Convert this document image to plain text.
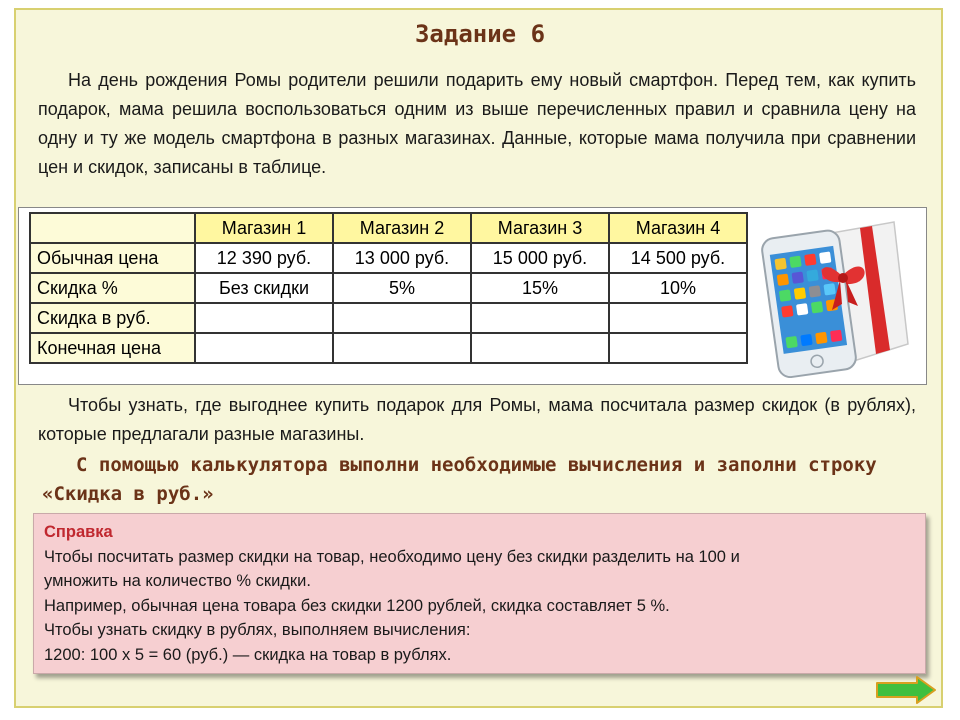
Задание 6
На день рождения Ромы родители решили подарить ему новый смартфон. Перед тем, как купить подарок, мама решила воспользоваться одним из выше перечисленных правил и сравнила цену на одну и ту же модель смартфона в разных магазинах. Данные, которые мама получила при сравнении цен и скидок, записаны в таблице.
	Магазин 1	Магазин 2	Магазин 3	Магазин 4
Обычная цена	12 390 руб.	13 000 руб.	15 000 руб.	14 500 руб.
Скидка %	Без скидки	5%	15%	10%
Скидка в руб.				
Конечная цена				
Чтобы узнать, где выгоднее купить подарок для Ромы, мама посчитала размер скидок (в рублях), которые предлагали разные магазины.
С помощью калькулятора выполни необходимые вычисления и заполни строку «Скидка в руб.»
Справка
Чтобы посчитать размер скидки на товар, необходимо цену без скидки разделить на 100 и
умножить на количество % скидки.
Например, обычная цена товара без скидки 1200 рублей, скидка составляет 5 %.
Чтобы узнать скидку в рублях, выполняем вычисления:
1200: 100 х 5 = 60 (руб.) — скидка на товар в рублях.
